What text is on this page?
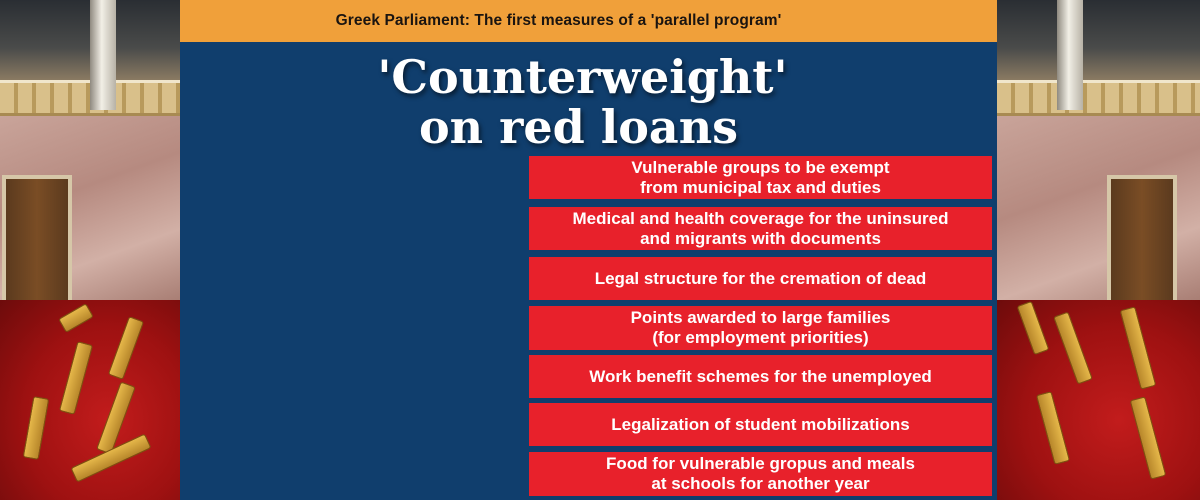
Greek Parliament: The first measures of a 'parallel program'
'Counterweight'
on red loans
Vulnerable groups to be exempt
from municipal tax and duties
Medical and health coverage for the uninsured
and migrants with documents
Legal structure for the cremation of dead
Points awarded to large families
(for employment priorities)
Work benefit schemes for the unemployed
Legalization of student mobilizations
Food for vulnerable gropus and meals
at schools for another year
